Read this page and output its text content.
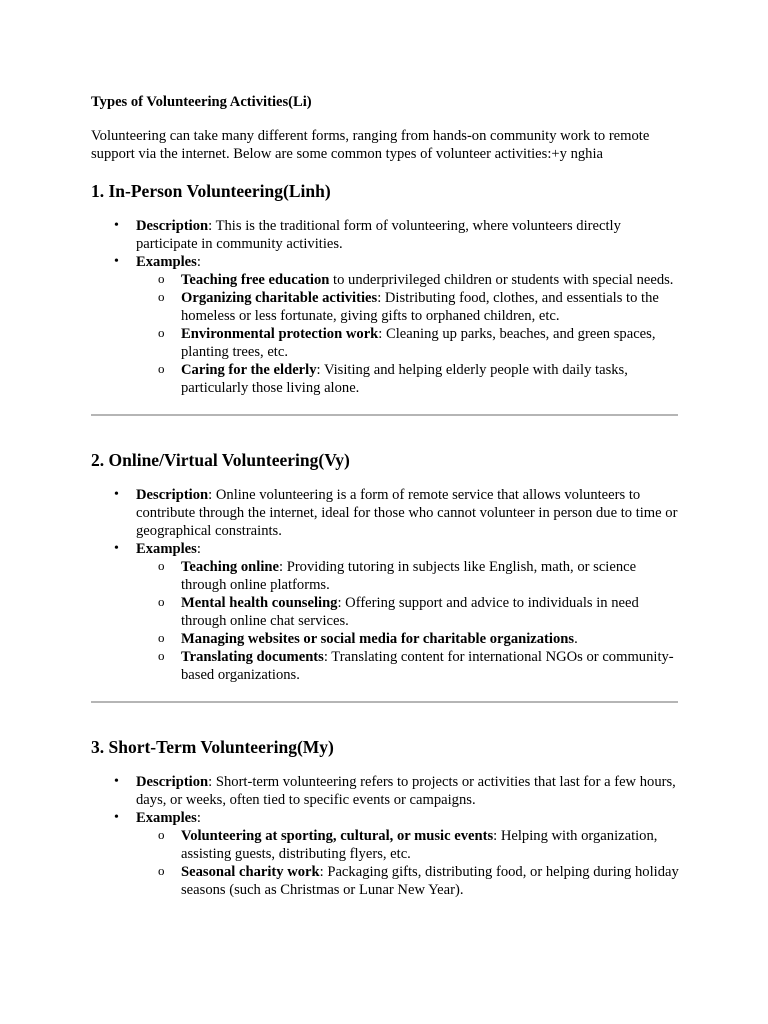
Types of Volunteering Activities(Li)

Volunteering can take many different forms, ranging from hands-on community work to remote support via the internet. Below are some common types of volunteer activities:+y nghia

1. In-Person Volunteering(Linh)
• Description: This is the traditional form of volunteering, where volunteers directly participate in community activities.
• Examples:
o Teaching free education to underprivileged children or students with special needs.
o Organizing charitable activities: Distributing food, clothes, and essentials to the homeless or less fortunate, giving gifts to orphaned children, etc.
o Environmental protection work: Cleaning up parks, beaches, and green spaces, planting trees, etc.
o Caring for the elderly: Visiting and helping elderly people with daily tasks, particularly those living alone.
2. Online/Virtual Volunteering(Vy)
• Description: Online volunteering is a form of remote service that allows volunteers to contribute through the internet, ideal for those who cannot volunteer in person due to time or geographical constraints.
• Examples:
o Teaching online: Providing tutoring in subjects like English, math, or science through online platforms.
o Mental health counseling: Offering support and advice to individuals in need through online chat services.
o Managing websites or social media for charitable organizations.
o Translating documents: Translating content for international NGOs or community-based organizations.
3. Short-Term Volunteering(My)
• Description: Short-term volunteering refers to projects or activities that last for a few hours, days, or weeks, often tied to specific events or campaigns.
• Examples:
o Volunteering at sporting, cultural, or music events: Helping with organization, assisting guests, distributing flyers, etc.
o Seasonal charity work: Packaging gifts, distributing food, or helping during holiday seasons (such as Christmas or Lunar New Year).
